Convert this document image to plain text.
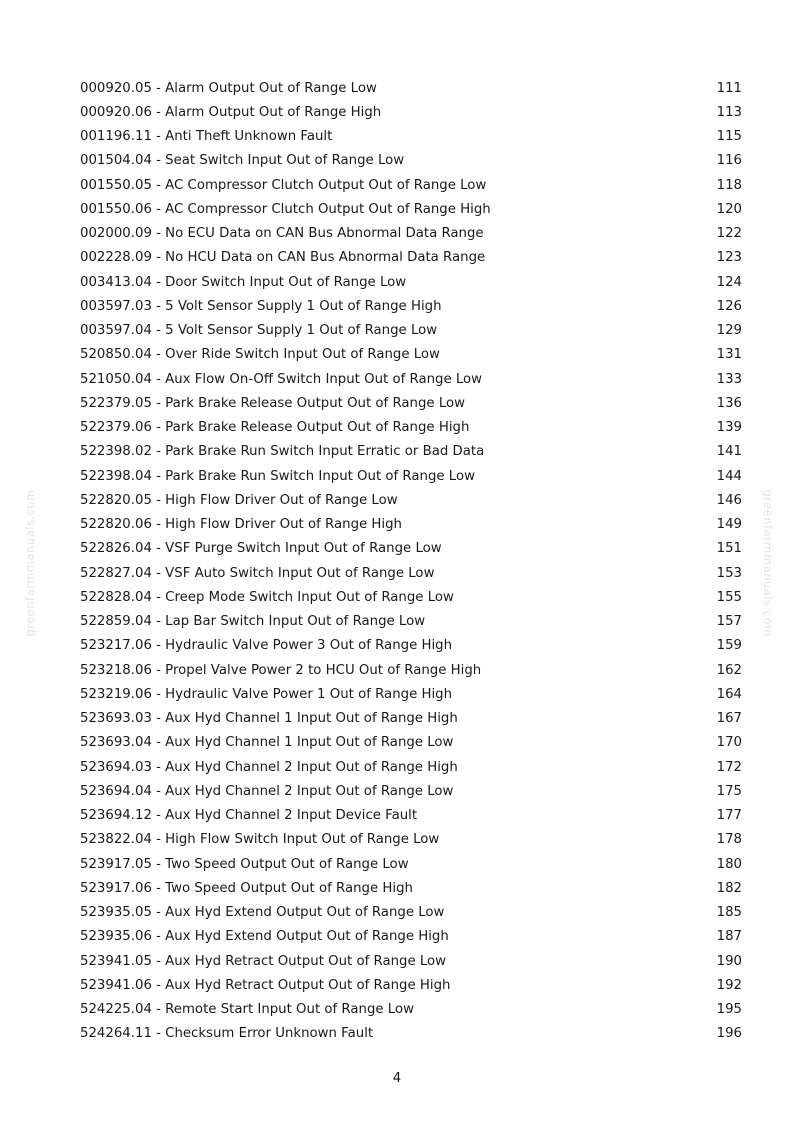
000920.05 - Alarm Output Out of Range Low	111
000920.06 - Alarm Output Out of Range High	113
001196.11 - Anti Theft Unknown Fault	115
001504.04 - Seat Switch Input Out of Range Low	116
001550.05 - AC Compressor Clutch Output Out of Range Low	118
001550.06 - AC Compressor Clutch Output Out of Range High	120
002000.09 - No ECU Data on CAN Bus Abnormal Data Range	122
002228.09 - No HCU Data on CAN Bus Abnormal Data Range	123
003413.04 - Door Switch Input Out of Range Low	124
003597.03 - 5 Volt Sensor Supply 1 Out of Range High	126
003597.04 - 5 Volt Sensor Supply 1 Out of Range Low	129
520850.04 - Over Ride Switch Input Out of Range Low	131
521050.04 - Aux Flow On-Off Switch Input Out of Range Low	133
522379.05 - Park Brake Release Output Out of Range Low	136
522379.06 - Park Brake Release Output Out of Range High	139
522398.02 - Park Brake Run Switch Input Erratic or Bad Data	141
522398.04 - Park Brake Run Switch Input Out of Range Low	144
522820.05 - High Flow Driver Out of Range Low	146
522820.06 - High Flow Driver Out of Range High	149
522826.04 - VSF Purge Switch Input Out of Range Low	151
522827.04 - VSF Auto Switch Input Out of Range Low	153
522828.04 - Creep Mode Switch Input Out of Range Low	155
522859.04 - Lap Bar Switch Input Out of Range Low	157
523217.06 - Hydraulic Valve Power 3 Out of Range High	159
523218.06 - Propel Valve Power 2 to HCU Out of Range High	162
523219.06 - Hydraulic Valve Power 1 Out of Range High	164
523693.03 - Aux Hyd Channel 1 Input Out of Range High	167
523693.04 - Aux Hyd Channel 1 Input Out of Range Low	170
523694.03 - Aux Hyd Channel 2 Input Out of Range High	172
523694.04 - Aux Hyd Channel 2 Input Out of Range Low	175
523694.12 - Aux Hyd Channel 2 Input Device Fault	177
523822.04 - High Flow Switch Input Out of Range Low	178
523917.05 - Two Speed Output Out of Range Low	180
523917.06 - Two Speed Output Out of Range High	182
523935.05 - Aux Hyd Extend Output Out of Range Low	185
523935.06 - Aux Hyd Extend Output Out of Range High	187
523941.05 - Aux Hyd Retract Output Out of Range Low	190
523941.06 - Aux Hyd Retract Output Out of Range High	192
524225.04 - Remote Start Input Out of Range Low	195
524264.11 - Checksum Error Unknown Fault	196
4
greenfarmmanuals.com	greenfarmmanuals.com
